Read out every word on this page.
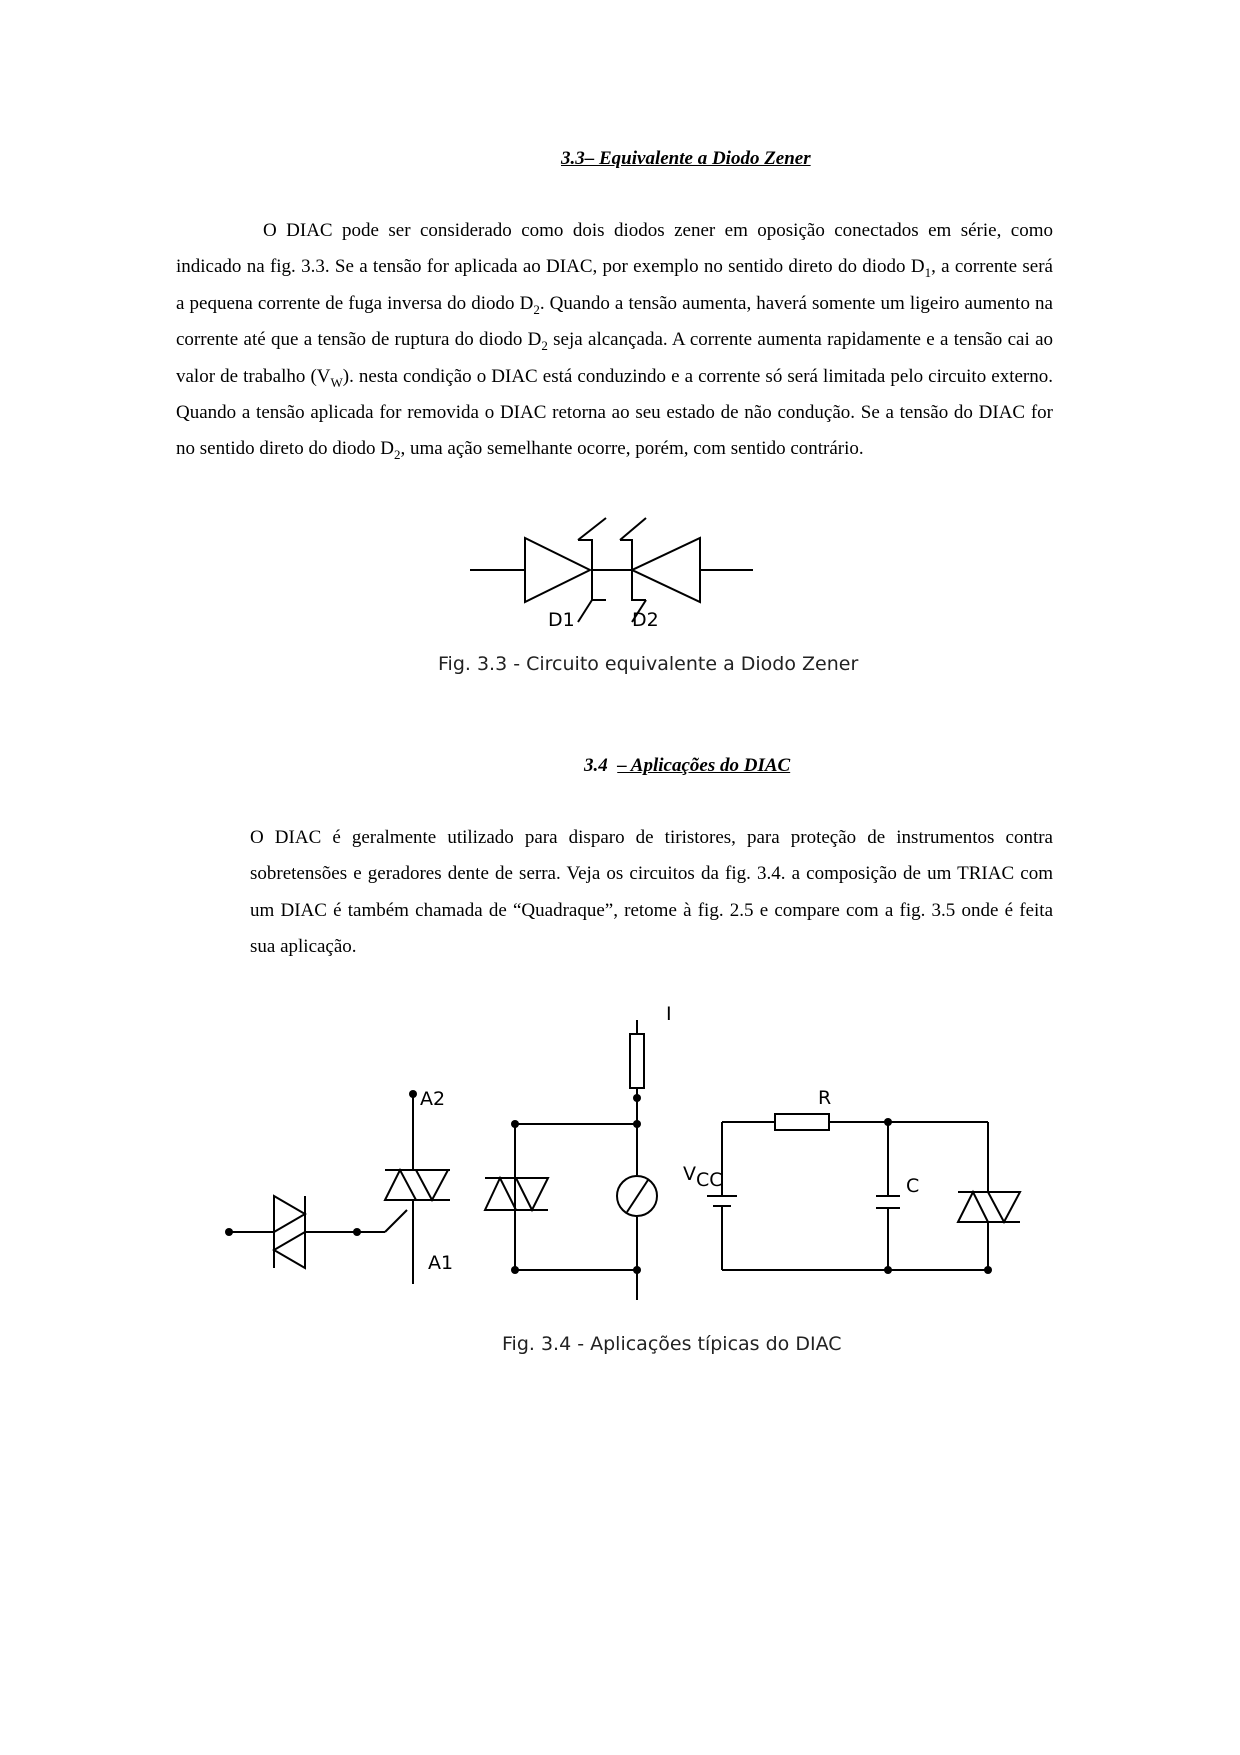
3.3– Equivalente a Diodo Zener
O DIAC pode ser considerado como dois diodos zener em oposição conectados em série, como indicado na fig. 3.3. Se a tensão for aplicada ao DIAC, por exemplo no sentido direto do diodo $D_1$, a corrente será a pequena corrente de fuga inversa do diodo $D_2$. Quando a tensão aumenta, haverá somente um ligeiro aumento na corrente até que a tensão de ruptura do diodo $D_2$ seja alcançada. A corrente aumenta rapidamente e a tensão cai ao valor de trabalho $(V_W)$. nesta condição o DIAC está conduzindo e a corrente só será limitada pelo circuito externo. Quando a tensão aplicada for removida o DIAC retorna ao seu estado de não condução. Se a tensão do DIAC for no sentido direto do diodo $D_2$, uma ação semelhante ocorre, porém, com sentido contrário.
D1	D2
Fig. 3.3 - Circuito equivalente a Diodo Zener
3.4 – Aplicações do DIAC
O DIAC é geralmente utilizado para disparo de tiristores, para proteção de instrumentos contra sobretensões e geradores dente de serra. Veja os circuitos da fig. 3.4. a composição de um TRIAC com um DIAC é também chamada de “Quadraque”, retome à fig. 2.5 e compare com a fig. 3.5 onde é feita sua aplicação.
A2
A1
I
R
C
VCC
Fig. 3.4 - Aplicações típicas do DIAC
